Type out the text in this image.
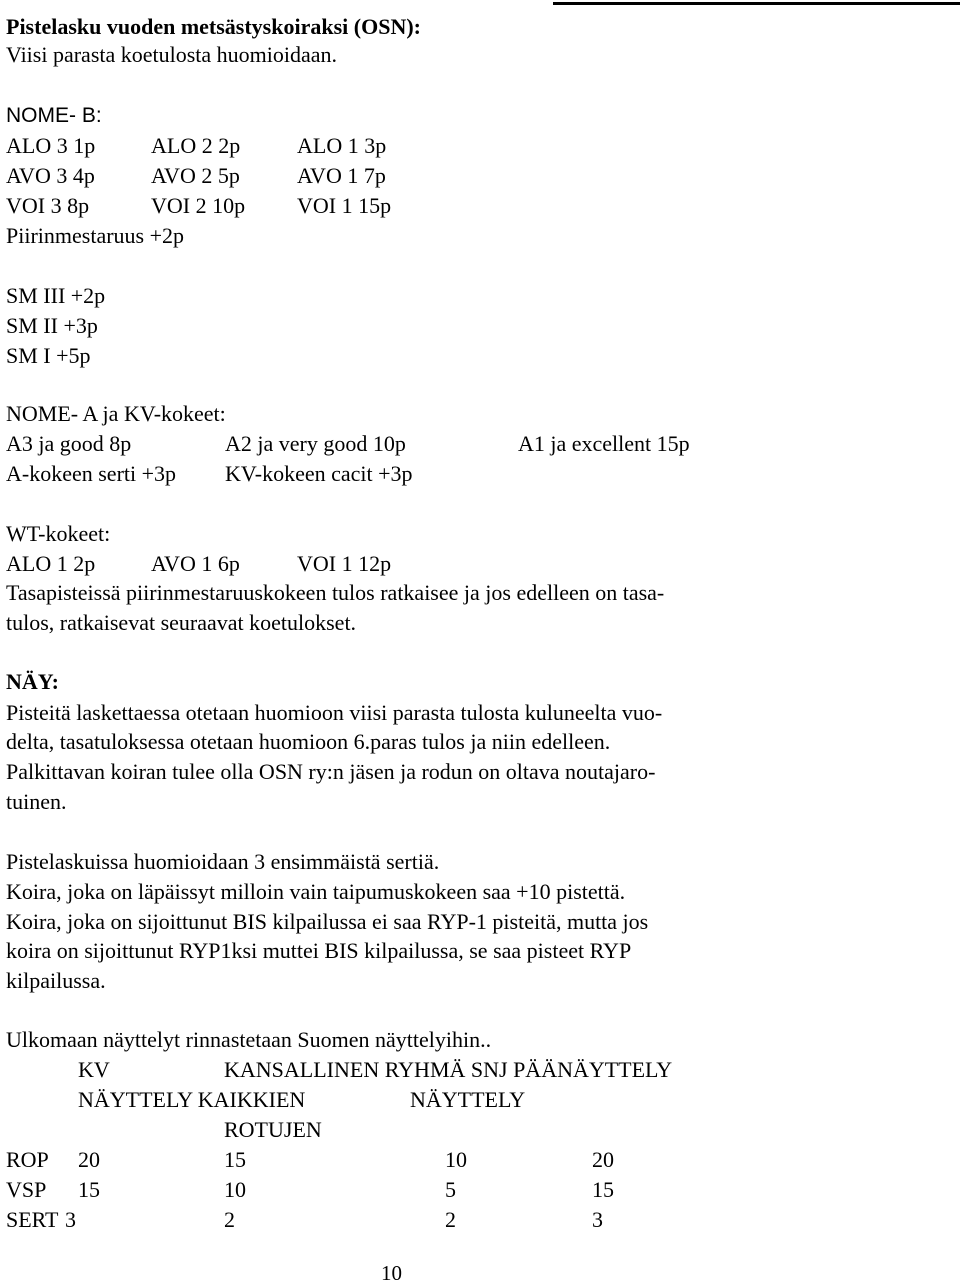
Pistelasku vuoden metsästyskoiraksi (OSN):

Viisi parasta koetulosta huomioidaan.

NOME- B:

ALO 3 1p	ALO 2 2p	ALO 1 3p

AVO 3 4p	AVO 2 5p	AVO 1 7p

VOI 3 8p	VOI 2 10p VOI 1 15p

Piirinmestaruus +2p

SM III +2p

SM II +3p

SM I +5p

NOME- A ja KV-kokeet:

A3 ja good 8p	A2 ja very good 10p	A1 ja excellent 15p

A-kokeen serti +3p KV-kokeen cacit +3p

WT-kokeet:

ALO 1 2p	AVO 1 6p	VOI 1 12p

Tasapisteissä piirinmestaruuskokeen tulos ratkaisee ja jos edelleen on tasa-

tulos, ratkaisevat seuraavat koetulokset.

NÄY:

Pisteitä laskettaessa otetaan huomioon viisi parasta tulosta kuluneelta vuo-

delta, tasatuloksessa otetaan huomioon 6.paras tulos ja niin edelleen.

Palkittavan koiran tulee olla OSN ry:n jäsen ja rodun on oltava noutajaro-

tuinen.

Pistelaskuissa huomioidaan 3 ensimmäistä sertiä.

Koira, joka on läpäissyt milloin vain taipumuskokeen saa +10 pistettä.

Koira, joka on sijoittunut BIS kilpailussa ei saa RYP-1 pisteitä, mutta jos

koira on sijoittunut RYP1ksi muttei BIS kilpailussa, se saa pisteet RYP

kilpailussa.

Ulkomaan näyttelyt rinnastetaan Suomen näyttelyihin..

KV	KANSALLINEN RYHMÄ SNJ PÄÄNÄYTTELY

NÄYTTELY KAIKKIEN	NÄYTTELY

ROTUJEN

ROP 20	15	10	20

VSP 15	10	5	15

SERT 3	2	2	3

10
